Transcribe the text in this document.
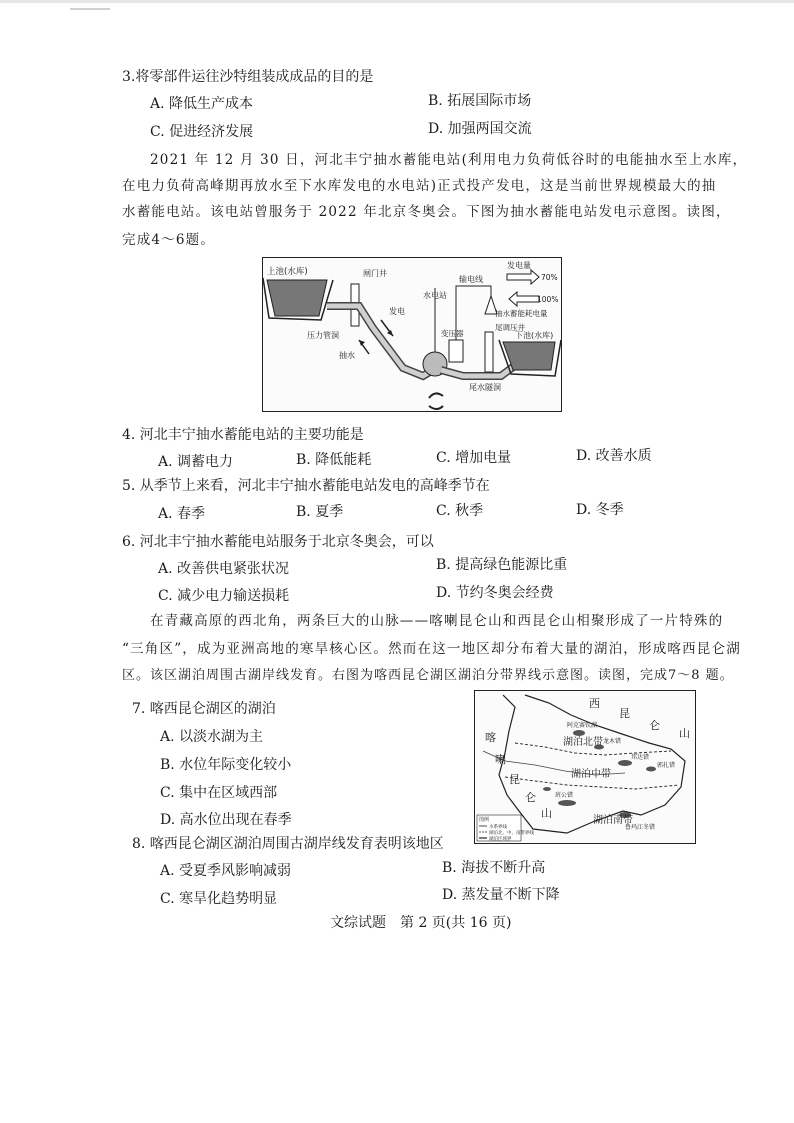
3.将零部件运往沙特组装成成品的目的是
A. 降低生产成本	B. 拓展国际市场
C. 促进经济发展	D. 加强两国交流
2021 年 12 月 30 日，河北丰宁抽水蓄能电站(利用电力负荷低谷时的电能抽水至上水库，
在电力负荷高峰期再放水至下水库发电的水电站)正式投产发电，这是当前世界规模最大的抽
水蓄能电站。该电站曾服务于 2022 年北京冬奥会。下图为抽水蓄能电站发电示意图。读图，
完成4～6题。
上池(水库)	闸门井
压力管洞
发电
抽水
水电站
变压器
输电线
发电量
70%
100%
抽水蓄能耗电量
尾调压井
下池(水库)
尾水隧洞
4. 河北丰宁抽水蓄能电站的主要功能是
A. 调蓄电力	B. 降低能耗	C. 增加电量	D. 改善水质
5. 从季节上来看，河北丰宁抽水蓄能电站发电的高峰季节在
A. 春季	B. 夏季	C. 秋季	D. 冬季
6. 河北丰宁抽水蓄能电站服务于北京冬奥会，可以
A. 改善供电紧张状况	B. 提高绿色能源比重
C. 减少电力输送损耗	D. 节约冬奥会经费
在青藏高原的西北角，两条巨大的山脉——喀喇昆仑山和西昆仑山相聚形成了一片特殊的
“三角区”，成为亚洲高地的寒旱核心区。然而在这一地区却分布着大量的湖泊，形成喀西昆仑湖
区。该区湖泊周围古湖岸线发育。右图为喀西昆仑湖区湖泊分带界线示意图。读图，完成7～8 题。
西
昆
仑
山
喀
喇
昆
仑
山
湖泊北带
湖泊中带
湖泊南带
阿克赛钦湖
龙木错
邦达错
郭扎错
班公错
鲁玛江冬错
图例
水系界线
湖泊北、中、南带界线
湖泊区域界
7. 喀西昆仑湖区的湖泊
A. 以淡水湖为主
B. 水位年际变化较小
C. 集中在区域西部
D. 高水位出现在春季
8. 喀西昆仑湖区湖泊周围古湖岸线发育表明该地区
A. 受夏季风影响减弱	B. 海拔不断升高
C. 寒旱化趋势明显	D. 蒸发量不断下降
文综试题　第 2 页(共 16 页)
